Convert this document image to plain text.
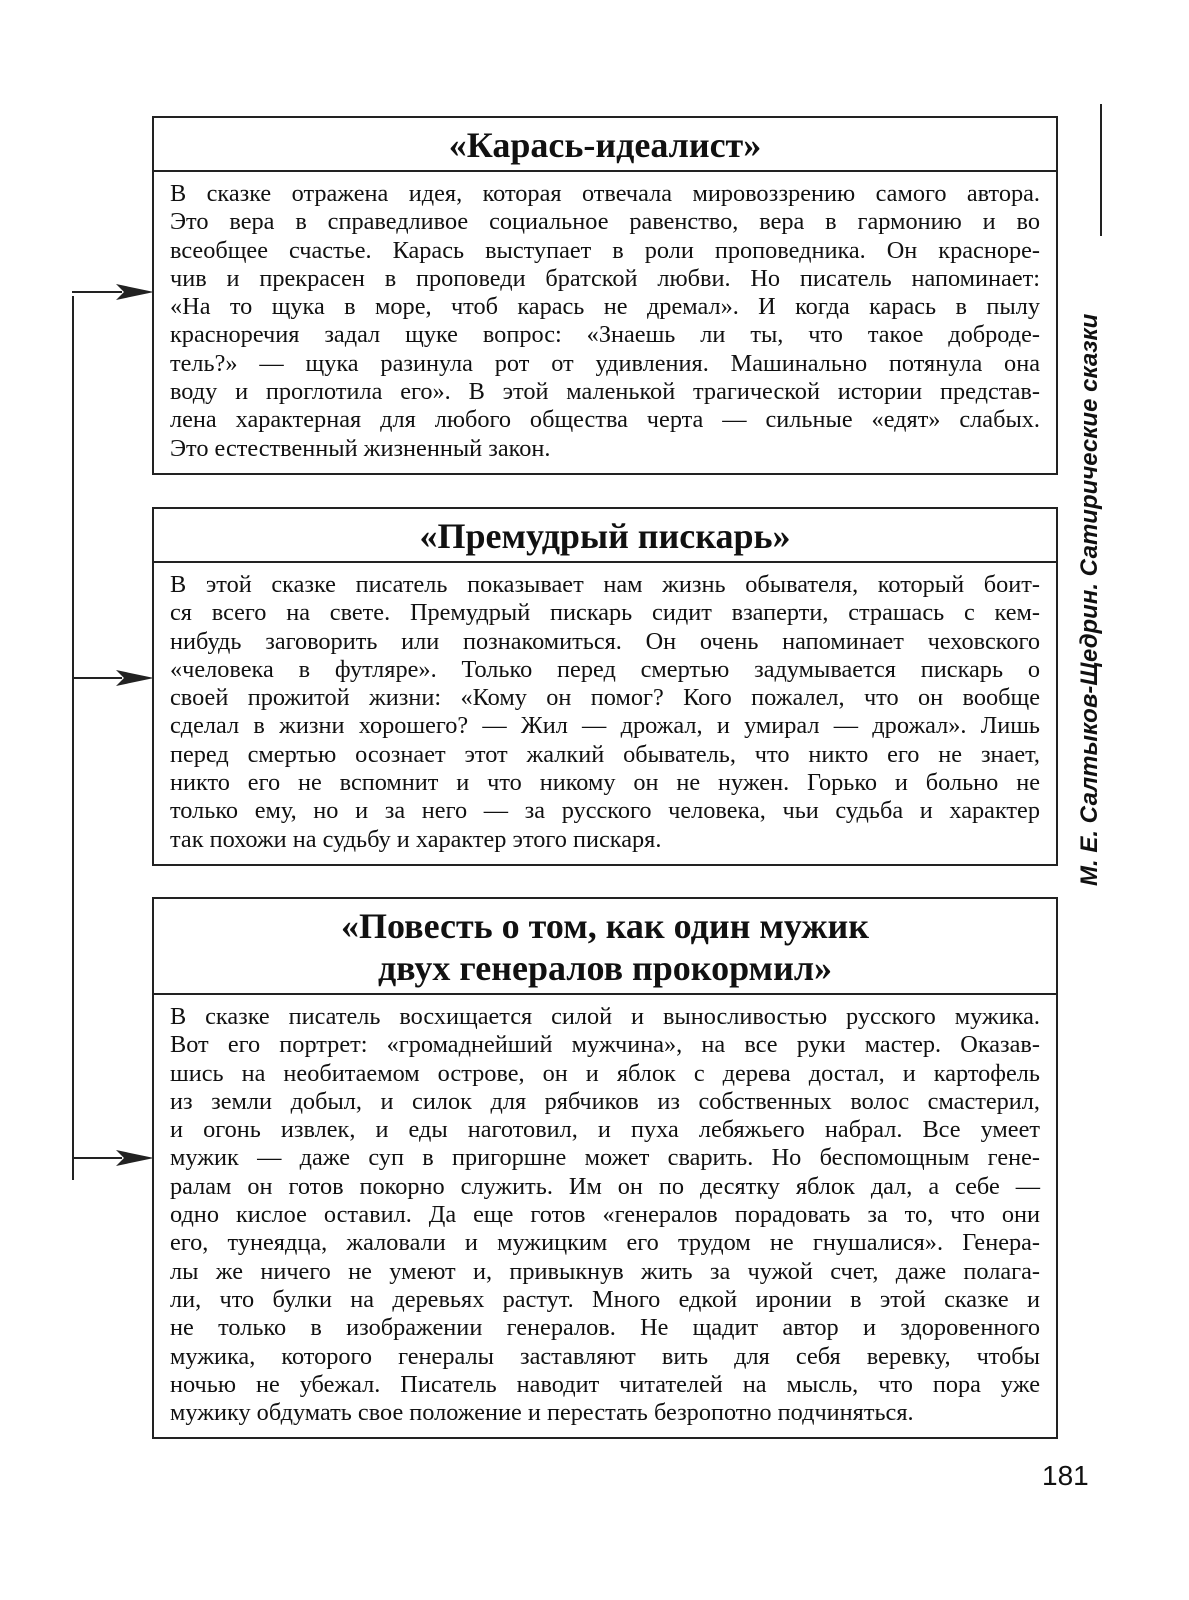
«Карась-идеалист»
В сказке отражена идея, которая отвечала мировоззрению самого автора.
Это вера в справедливое социальное равенство, вера в гармонию и во
всеобщее счастье. Карась выступает в роли проповедника. Он красноре-
чив и прекрасен в проповеди братской любви. Но писатель напоминает:
«На то щука в море, чтоб карась не дремал». И когда карась в пылу
красноречия задал щуке вопрос: «Знаешь ли ты, что такое доброде-
тель?» — щука разинула рот от удивления. Машинально потянула она
воду и проглотила его». В этой маленькой трагической истории представ-
лена характерная для любого общества черта — сильные «едят» слабых.
Это естественный жизненный закон.
«Премудрый пискарь»
В этой сказке писатель показывает нам жизнь обывателя, который боит-
ся всего на свете. Премудрый пискарь сидит взаперти, страшась с кем-
нибудь заговорить или познакомиться. Он очень напоминает чеховского
«человека в футляре». Только перед смертью задумывается пискарь о
своей прожитой жизни: «Кому он помог? Кого пожалел, что он вообще
сделал в жизни хорошего? — Жил — дрожал, и умирал — дрожал». Лишь
перед смертью осознает этот жалкий обыватель, что никто его не знает,
никто его не вспомнит и что никому он не нужен. Горько и больно не
только ему, но и за него — за русского человека, чьи судьба и характер
так похожи на судьбу и характер этого пискаря.
«Повесть о том, как один мужик
двух генералов прокормил»
В сказке писатель восхищается силой и выносливостью русского мужика.
Вот его портрет: «громаднейший мужчина», на все руки мастер. Оказав-
шись на необитаемом острове, он и яблок с дерева достал, и картофель
из земли добыл, и силок для рябчиков из собственных волос смастерил,
и огонь извлек, и еды наготовил, и пуха лебяжьего набрал. Все умеет
мужик — даже суп в пригоршне может сварить. Но беспомощным гене-
ралам он готов покорно служить. Им он по десятку яблок дал, а себе —
одно кислое оставил. Да еще готов «генералов порадовать за то, что они
его, тунеядца, жаловали и мужицким его трудом не гнушалися». Генера-
лы же ничего не умеют и, привыкнув жить за чужой счет, даже полага-
ли, что булки на деревьях растут. Много едкой иронии в этой сказке и
не только в изображении генералов. Не щадит автор и здоровенного
мужика, которого генералы заставляют вить для себя веревку, чтобы
ночью не убежал. Писатель наводит читателей на мысль, что пора уже
мужику обдумать свое положение и перестать безропотно подчиняться.
М. Е. Салтыков-Щедрин. Сатирические сказки
181
